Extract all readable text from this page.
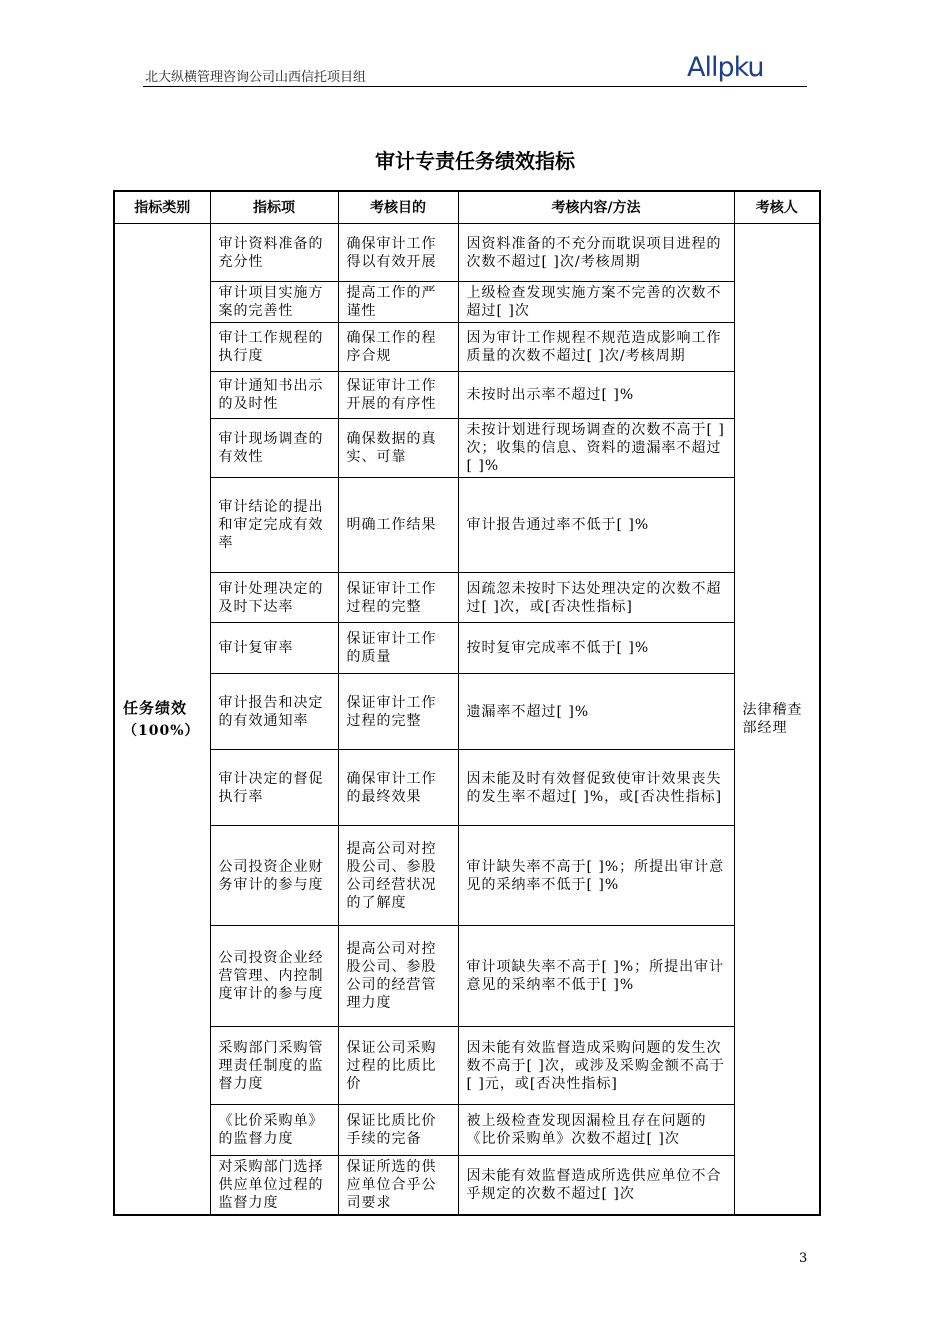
北大纵横管理咨询公司山西信托项目组	Allpku
审计专责任务绩效指标
指标类别	指标项	考核目的	考核内容/方法	考核人

任务绩效
（100%）	审计资料准备的充分性	确保审计工作得以有效开展	因资料准备的不充分而耽误项目进程的次数不超过[ ]次/考核周期	法律稽查部经理
	审计项目实施方案的完善性	提高工作的严谨性	上级检查发现实施方案不完善的次数不超过[ ]次	
	审计工作规程的执行度	确保工作的程序合规	因为审计工作规程不规范造成影响工作质量的次数不超过[ ]次/考核周期	
	审计通知书出示的及时性	保证审计工作开展的有序性	未按时出示率不超过[ ]%	
	审计现场调查的有效性	确保数据的真实、可靠	未按计划进行现场调查的次数不高于[ ]次；收集的信息、资料的遗漏率不超过[ ]%	
	审计结论的提出和审定完成有效率	明确工作结果	审计报告通过率不低于[ ]%	
	审计处理决定的及时下达率	保证审计工作过程的完整	因疏忽未按时下达处理决定的次数不超过[ ]次，或[否决性指标]	
	审计复审率	保证审计工作的质量	按时复审完成率不低于[ ]%	
	审计报告和决定的有效通知率	保证审计工作过程的完整	遗漏率不超过[ ]%	
	审计决定的督促执行率	确保审计工作的最终效果	因未能及时有效督促致使审计效果丧失的发生率不超过[ ]%，或[否决性指标]	
	公司投资企业财务审计的参与度	提高公司对控股公司、参股公司经营状况的了解度	审计缺失率不高于[ ]%；所提出审计意见的采纳率不低于[ ]%	
	公司投资企业经营管理、内控制度审计的参与度	提高公司对控股公司、参股公司的经营管理力度	审计项缺失率不高于[ ]%；所提出审计意见的采纳率不低于[ ]%	
	采购部门采购管理责任制度的监督力度	保证公司采购过程的比质比价	因未能有效监督造成采购问题的发生次数不高于[ ]次，或涉及采购金额不高于[ ]元，或[否决性指标]	
	《比价采购单》的监督力度	保证比质比价手续的完备	被上级检查发现因漏检且存在问题的《比价采购单》次数不超过[ ]次	
	对采购部门选择供应单位过程的监督力度	保证所选的供应单位合乎公司要求	因未能有效监督造成所选供应单位不合乎规定的次数不超过[ ]次	
3
